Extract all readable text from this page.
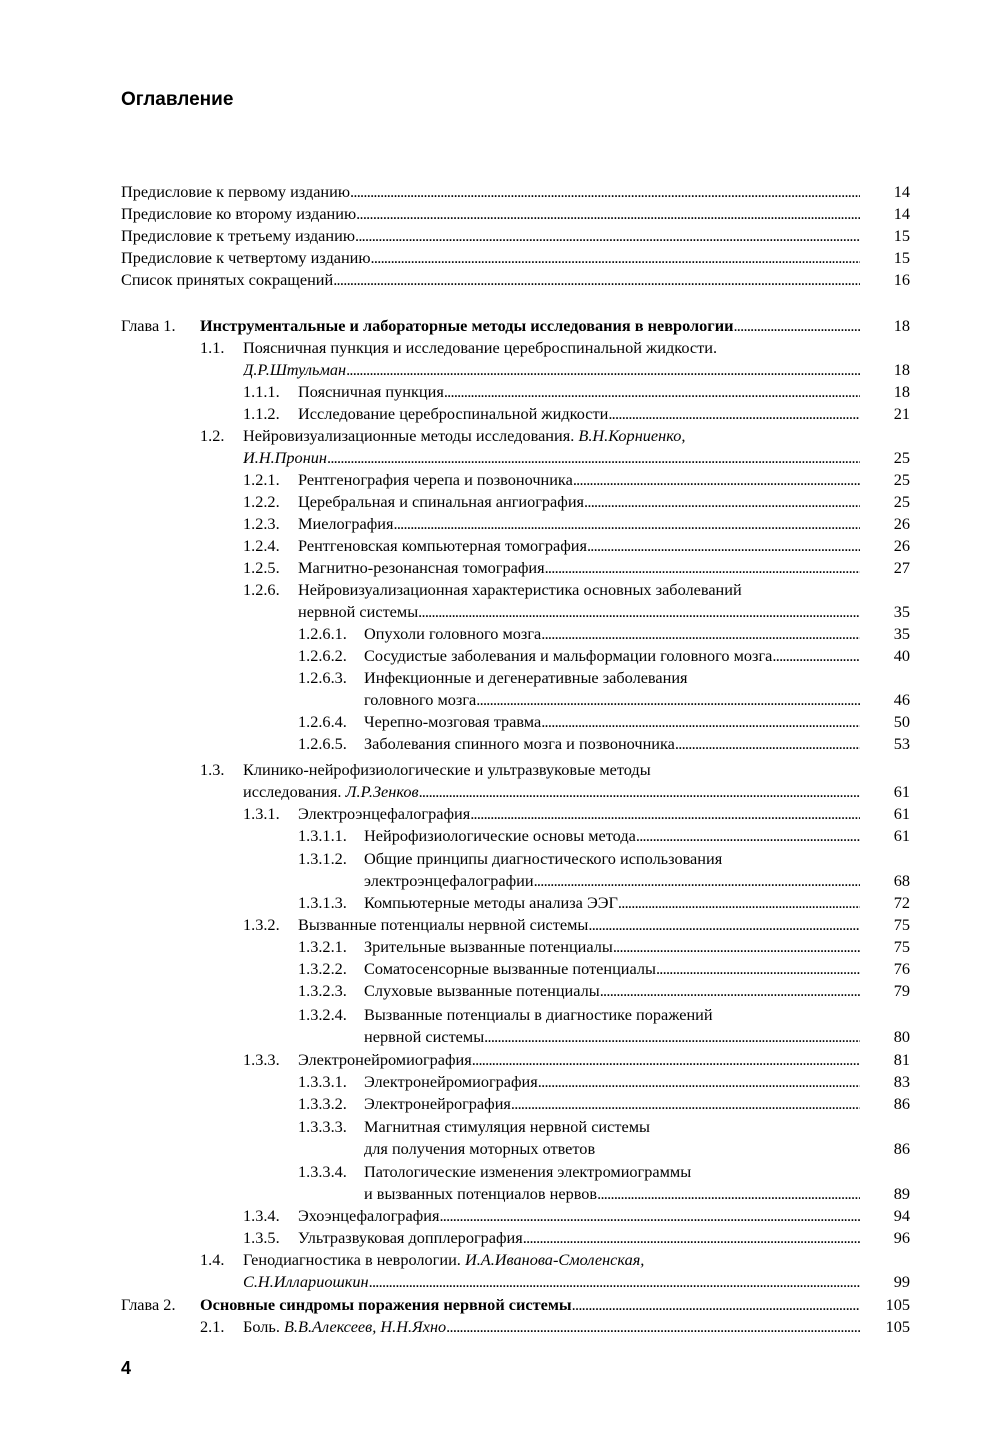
Оглавление
Предисловие к первому изданию . . .	14
Предисловие ко второму изданию . . .	14
Предисловие к третьему изданию . . .	15
Предисловие к четвертому изданию . . .	15
Список принятых сокращений . . .	16
Глава 1. Инструментальные и лабораторные методы исследования в неврологии . . .	18
1.1. Поясничная пункция и исследование цереброспинальной жидкости.
Д.Р.Штульман . . .	18
1.1.1. Поясничная пункция . . .	18
1.1.2. Исследование цереброспинальной жидкости . . .	21
1.2. Нейровизуализационные методы исследования.
В.Н.Корниенко,
И.Н.Пронин . . .	25
1.2.1. Рентгенография черепа и позвоночника . . .	25
1.2.2. Церебральная и спинальная ангиография . . .	25
1.2.3. Миелография . . .	26
1.2.4. Рентгеновская компьютерная томография . . .	26
1.2.5. Магнитно-резонансная томография . . .	27
1.2.6. Нейровизуализационная характеристика основных заболеваний
нервной системы . . .	35
1.2.6.1. Опухоли головного мозга . . .	35
1.2.6.2. Сосудистые заболевания и мальформации головного мозга . . .	40
1.2.6.3. Инфекционные и дегенеративные заболевания
головного мозга . . .	46
1.2.6.4. Черепно-мозговая травма . . .	50
1.2.6.5. Заболевания спинного мозга и позвоночника . . .	53
1.3. Клинико-нейрофизиологические и ультразвуковые методы
исследования.
Л.Р.Зенков . . .	61
1.3.1. Электроэнцефалография . . .	61
1.3.1.1. Нейрофизиологические основы метода . . .	61
1.3.1.2. Общие принципы диагностического использования
электроэнцефалографии . . .	68
1.3.1.3. Компьютерные методы анализа ЭЭГ . . .	72
1.3.2. Вызванные потенциалы нервной системы . . .	75
1.3.2.1. Зрительные вызванные потенциалы . . .	75
1.3.2.2. Соматосенсорные вызванные потенциалы . . .	76
1.3.2.3. Слуховые вызванные потенциалы . . .	79
1.3.2.4. Вызванные потенциалы в диагностике поражений
нервной системы . . .	80
1.3.3. Электронейромиография . . .	81
1.3.3.1. Электронейромиография . . .	83
1.3.3.2. Электронейрография . . .	86
1.3.3.3. Магнитная стимуляция нервной системы
для получения моторных ответов	86
1.3.3.4. Патологические изменения электромиограммы
и вызванных потенциалов нервов . . .	89
1.3.4. Эхоэнцефалография . . .	94
1.3.5. Ультразвуковая допплерография . . .	96
1.4. Генодиагностика в неврологии.
И.А.Иванова-Смоленская,
С.Н.Иллариошкин . . .	99
Глава 2. Основные синдромы поражения нервной системы . . .	105
2.1. Боль.
В.В.Алексеев, Н.Н.Яхно . . .	105
4
